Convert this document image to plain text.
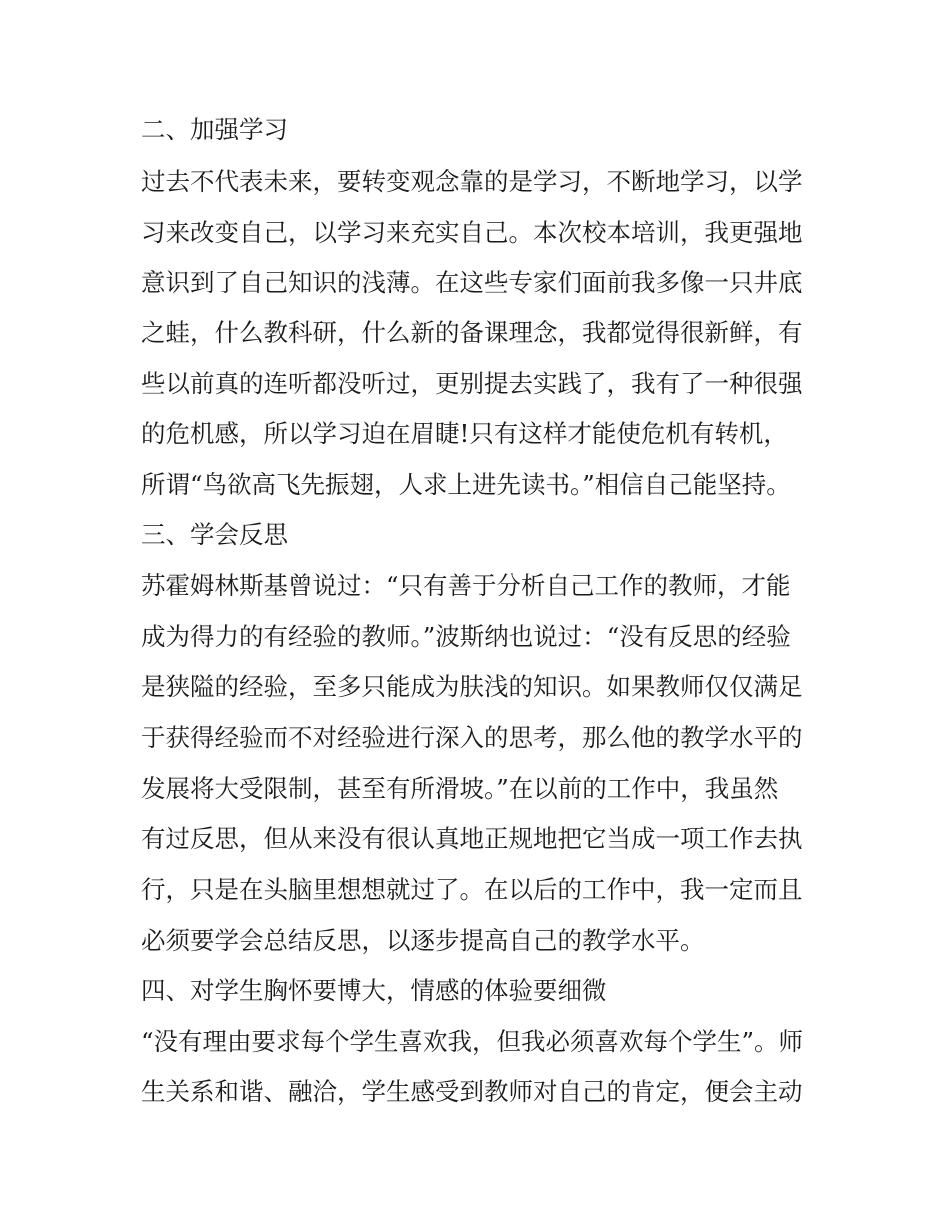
二、加强学习
过去不代表未来，要转变观念靠的是学习，不断地学习，以学
习来改变自己，以学习来充实自己。本次校本培训，我更强地
意识到了自己知识的浅薄。在这些专家们面前我多像一只井底
之蛙，什么教科研，什么新的备课理念，我都觉得很新鲜，有
些以前真的连听都没听过，更别提去实践了，我有了一种很强
的危机感，所以学习迫在眉睫!只有这样才能使危机有转机，
所谓“鸟欲高飞先振翅，人求上进先读书。”相信自己能坚持。
三、学会反思
苏霍姆林斯基曾说过：“只有善于分析自己工作的教师，才能
成为得力的有经验的教师。”波斯纳也说过：“没有反思的经验
是狭隘的经验，至多只能成为肤浅的知识。如果教师仅仅满足
于获得经验而不对经验进行深入的思考，那么他的教学水平的
发展将大受限制，甚至有所滑坡。”在以前的工作中，我虽然
有过反思，但从来没有很认真地正规地把它当成一项工作去执
行，只是在头脑里想想就过了。在以后的工作中，我一定而且
必须要学会总结反思，以逐步提高自己的教学水平。
四、对学生胸怀要博大，情感的体验要细微
“没有理由要求每个学生喜欢我，但我必须喜欢每个学生”。师
生关系和谐、融洽，学生感受到教师对自己的肯定，便会主动
